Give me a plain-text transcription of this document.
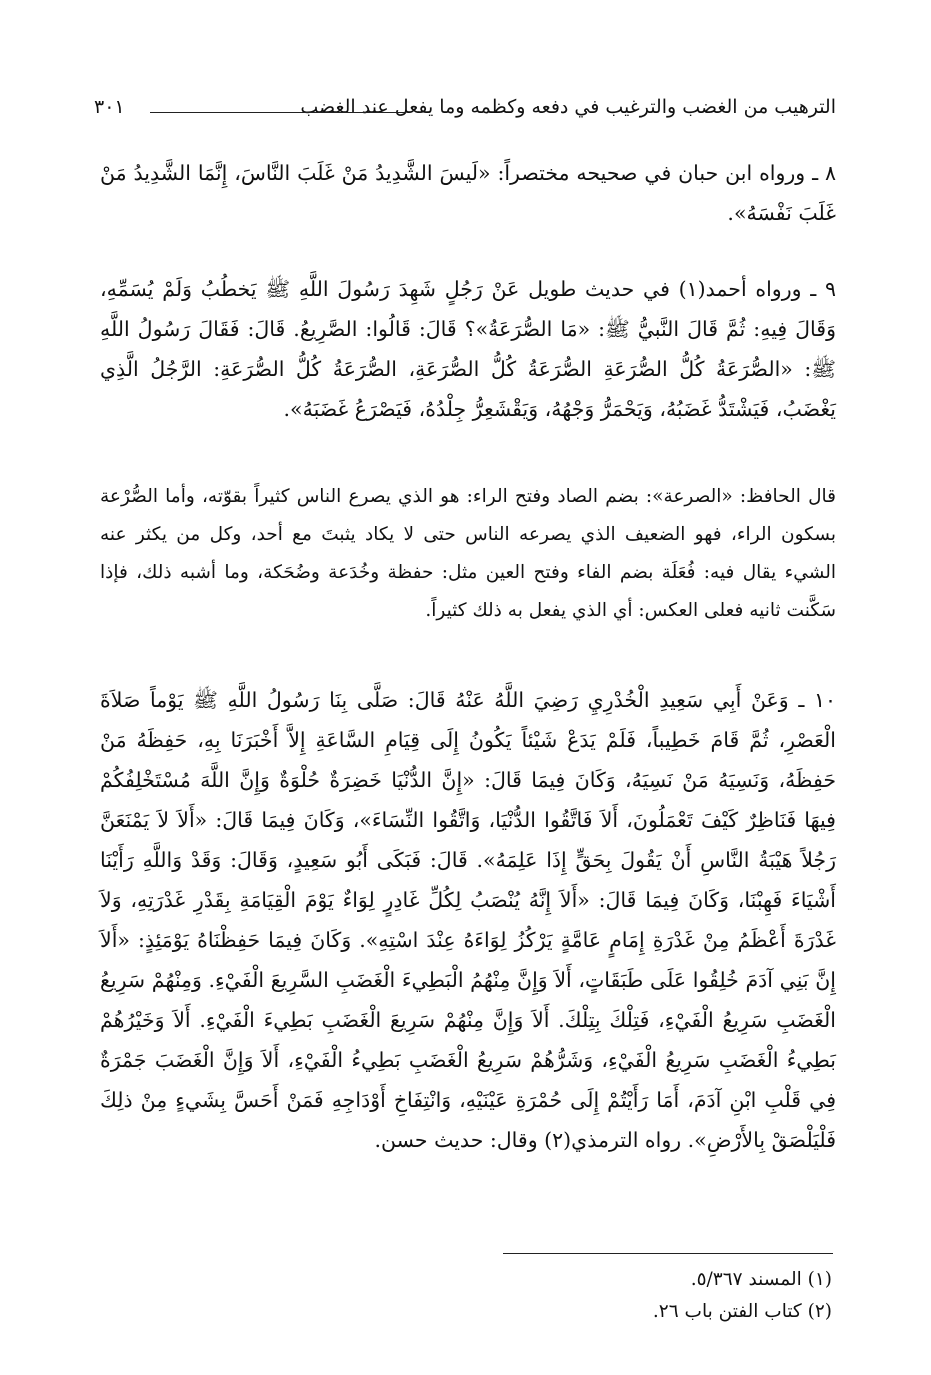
الترهيب من الغضب والترغيب في دفعه وكظمه وما يفعل عند الغضب
٣٠١

٨ ـ ورواه ابن حبان في صحيحه مختصراً: «لَيسَ الشَّدِيدُ مَنْ غَلَبَ النَّاسَ، إِنَّمَا الشَّدِيدُ مَنْ غَلَبَ نَفْسَهُ».

٩ ـ ورواه أحمد(١) في حديث طويل عَنْ رَجُلٍ شَهِدَ رَسُولَ اللَّهِ ﷺ يَخطُبُ وَلَمْ يُسَمِّهِ، وَقَالَ فِيهِ: ثُمَّ قَالَ النَّبيُّ ﷺ: «مَا الصُّرَعَةُ»؟ قَالَ: قَالُوا: الصَّرِيعُ. قَالَ: فَقَالَ رَسُولُ اللَّهِ ﷺ: «الصُّرَعَةُ كُلُّ الصُّرَعَةِ الصُّرَعَةُ كُلُّ الصُّرَعَةِ، الصُّرَعَةُ كُلُّ الصُّرَعَةِ: الرَّجُلُ الَّذِي يَغْضَبُ، فَيَشْتَدُّ غَضَبُهُ، وَيَحْمَرُّ وَجْهُهُ، وَيَقْشَعِرُّ جِلْدُهُ، فَيَصْرَعُ غَضَبَهُ».

قال الحافظ: «الصرعة»: بضم الصاد وفتح الراء: هو الذي يصرع الناس كثيراً بقوّته، وأما الصُّرْعة بسكون الراء، فهو الضعيف الذي يصرعه الناس حتى لا يكاد يثبتَ مع أحد، وكل من يكثر عنه الشيء يقال فيه: فُعَلَة بضم الفاء وفتح العين مثل: حفظة وخُدَعة وضُحَكة، وما أشبه ذلك، فإذا سَكَّنت ثانيه فعلى العكس: أي الذي يفعل به ذلك كثيراً.

١٠ ـ وَعَنْ أَبِي سَعِيدِ الْخُدْرِيِ رَضِيَ اللَّهُ عَنْهُ قَالَ: صَلَّى بِنَا رَسُولُ اللَّهِ ﷺ يَوْماً صَلاَةَ الْعَصْرِ، ثُمَّ قَامَ خَطِيباً، فَلَمْ يَدَعْ شَيْئاً يَكُونُ إِلَى قِيَامِ السَّاعَةِ إِلاَّ أَخْبَرَنَا بِهِ، حَفِظَهُ مَنْ حَفِظَهُ، وَنَسِيَهُ مَنْ نَسِيَهُ، وَكَانَ فِيمَا قَالَ: «إِنَّ الدُّنْيَا خَضِرَةٌ حُلْوَةٌ وَإِنَّ اللَّهَ مُسْتَخْلِفُكُمْ فِيهَا فَنَاظِرٌ كَيْفَ تَعْمَلُونَ، أَلاَ فَاتَّقُوا الدُّنْيَا، وَاتَّقُوا النِّسَاءَ»، وَكَانَ فِيمَا قَالَ: «أَلاَ لاَ يَمْنَعَنَّ رَجُلاً هَيْبَةُ النَّاسِ أَنْ يَقُولَ بِحَقٍّ إِذَا عَلِمَهُ». قَالَ: فَبَكَى أَبُو سَعِيدٍ، وَقَالَ: وَقَدْ وَاللَّهِ رَأَيْنَا أَشْيَاءَ فَهِبْنَا، وَكَانَ فِيمَا قَالَ: «أَلاَ إِنَّهُ يُنْصَبُ لِكُلِّ غَادِرٍ لِوَاءٌ يَوْمَ الْقِيَامَةِ بِقَدْرِ غَدْرَتِهِ، وَلاَ غَدْرَةَ أَعْظَمُ مِنْ غَدْرَةِ إِمَامٍ عَامَّةٍ يَرْكُزُ لِوَاءَهُ عِنْدَ اسْتِهِ». وَكَانَ فِيمَا حَفِظْنَاهُ يَوْمَئِذٍ: «أَلاَ إِنَّ بَنِي آدَمَ خُلِقُوا عَلَى طَبَقَاتٍ، أَلاَ وَإِنَّ مِنْهُمُ الْبَطِيءَ الْغَضَبِ السَّرِيعَ الْفَيْءِ. وَمِنْهُمْ سَرِيعُ الْغَضَبِ سَرِيعُ الْفَيْءِ، فَتِلْكَ بِتِلْكَ. أَلاَ وَإِنَّ مِنْهُمْ سَرِيعَ الْغَضَبِ بَطِيءَ الْفَيْءِ. أَلاَ وَخَيْرُهُمْ بَطِيءُ الْغَضَبِ سَرِيعُ الْفَيْءِ، وَشَرُّهُمْ سَرِيعُ الْغَضَبِ بَطِيءُ الْفَيْءِ، أَلاَ وَإِنَّ الْغَضَبَ جَمْرَةٌ فِي قَلْبِ ابْنِ آدَمَ، أَمَا رَأَيْتُمْ إِلَى حُمْرَةِ عَيْنَيْهِ، وَانْتِفَاخِ أَوْدَاجِهِ فَمَنْ أَحَسَّ بِشَيءٍ مِنْ ذلِكَ فَلْيَلْصَقْ بِالأَرْضِ». رواه الترمذي(٢) وقال: حديث حسن.

(١) المسند ٥/٣٦٧.

(٢) كتاب الفتن باب ٢٦.
